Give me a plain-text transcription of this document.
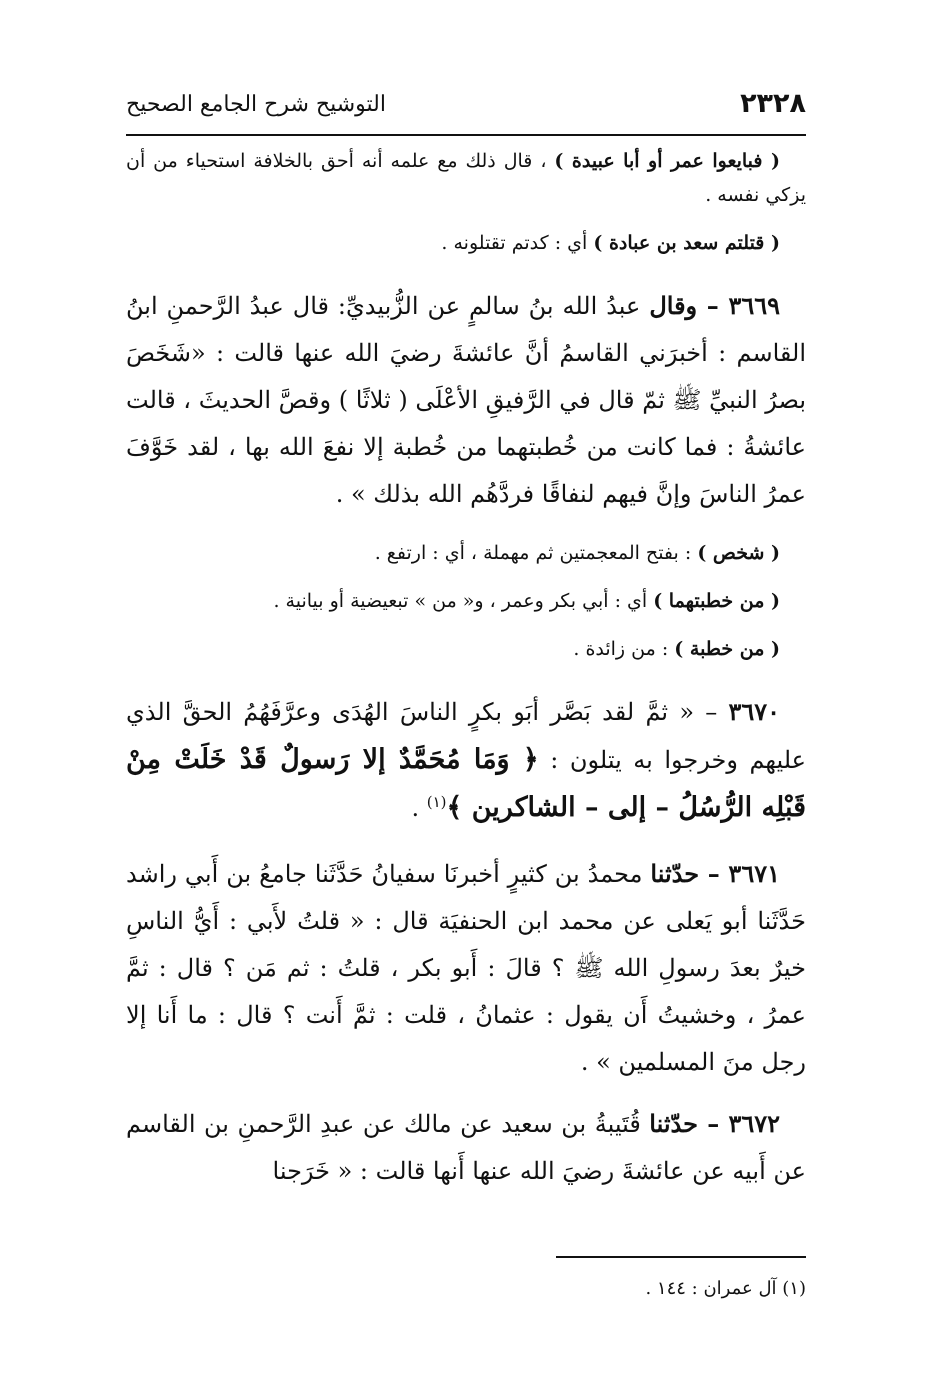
٢٣٢٨
التوشيح شرح الجامع الصحيح

( فبايعوا عمر أو أبا عبيدة ) ، قال ذلك مع علمه أنه أحق بالخلافة استحياء من أن يزكي نفسه .

( قتلتم سعد بن عبادة ) أي : كدتم تقتلونه .

٣٦٦٩ – وقال عبدُ الله بنُ سالمٍ عن الزُّبيديِّ: قال عبدُ الرَّحمنِ ابنُ القاسم : أخبرَني القاسمُ أنَّ عائشةَ رضيَ الله عنها قالت : «شَخَصَ بصرُ النبيِّ ﷺ ثمّ قال في الرَّفيقِ الأعْلَى ( ثلاثًا ) وقصَّ الحديثَ ، قالت عائشةُ : فما كانت من خُطبتهما من خُطبة إلا نفعَ الله بها ، لقد خَوَّفَ عمرُ الناسَ وإنَّ فيهم لنفاقًا فردَّهُم الله بذلك » .

( شخص ) : بفتح المعجمتين ثم مهملة ، أي : ارتفع .

( من خطبتهما ) أي : أبي بكر وعمر ، و« من » تبعيضية أو بيانية .

( من خطبة ) : من زائدة .

٣٦٧٠ – « ثمَّ لقد بَصَّر أبَو بكرٍ الناسَ الهُدَى وعرَّفَهُمُ الحقَّ الذي عليهم وخرجوا به يتلون : ﴿ وَمَا مُحَمَّدٌ إلا رَسولٌ قَدْ خَلَتْ مِنْ قَبْلِه الرُّسُلُ – إلى – الشاكرين ﴾$^{(١)}$ .

٣٦٧١ – حدّثنا محمدُ بن كثيرٍ أخبرنَا سفيانُ حَدَّثَنا جامعُ بن أَبي راشد حَدَّثَنا أبو يَعلى عن محمد ابن الحنفيَة قال : « قلتُ لأَبي : أَيُّ الناسِ خيرٌ بعدَ رسولِ الله ﷺ ؟ قالَ : أَبو بكر ، قلتُ : ثم مَن ؟ قال : ثمَّ عمرُ ، وخشيتُ أَن يقول : عثمانُ ، قلت : ثمَّ أَنت ؟ قال : ما أَنا إلا رجل منَ المسلمين » .

٣٦٧٢ – حدّثنا قُتَيبةُ بن سعيد عن مالك عن عبدِ الرَّحمنِ بن القاسم عن أَبيه عن عائشةَ رضيَ الله عنها أَنها قالت : « خَرَجنا

(١) آل عمران : ١٤٤ .
